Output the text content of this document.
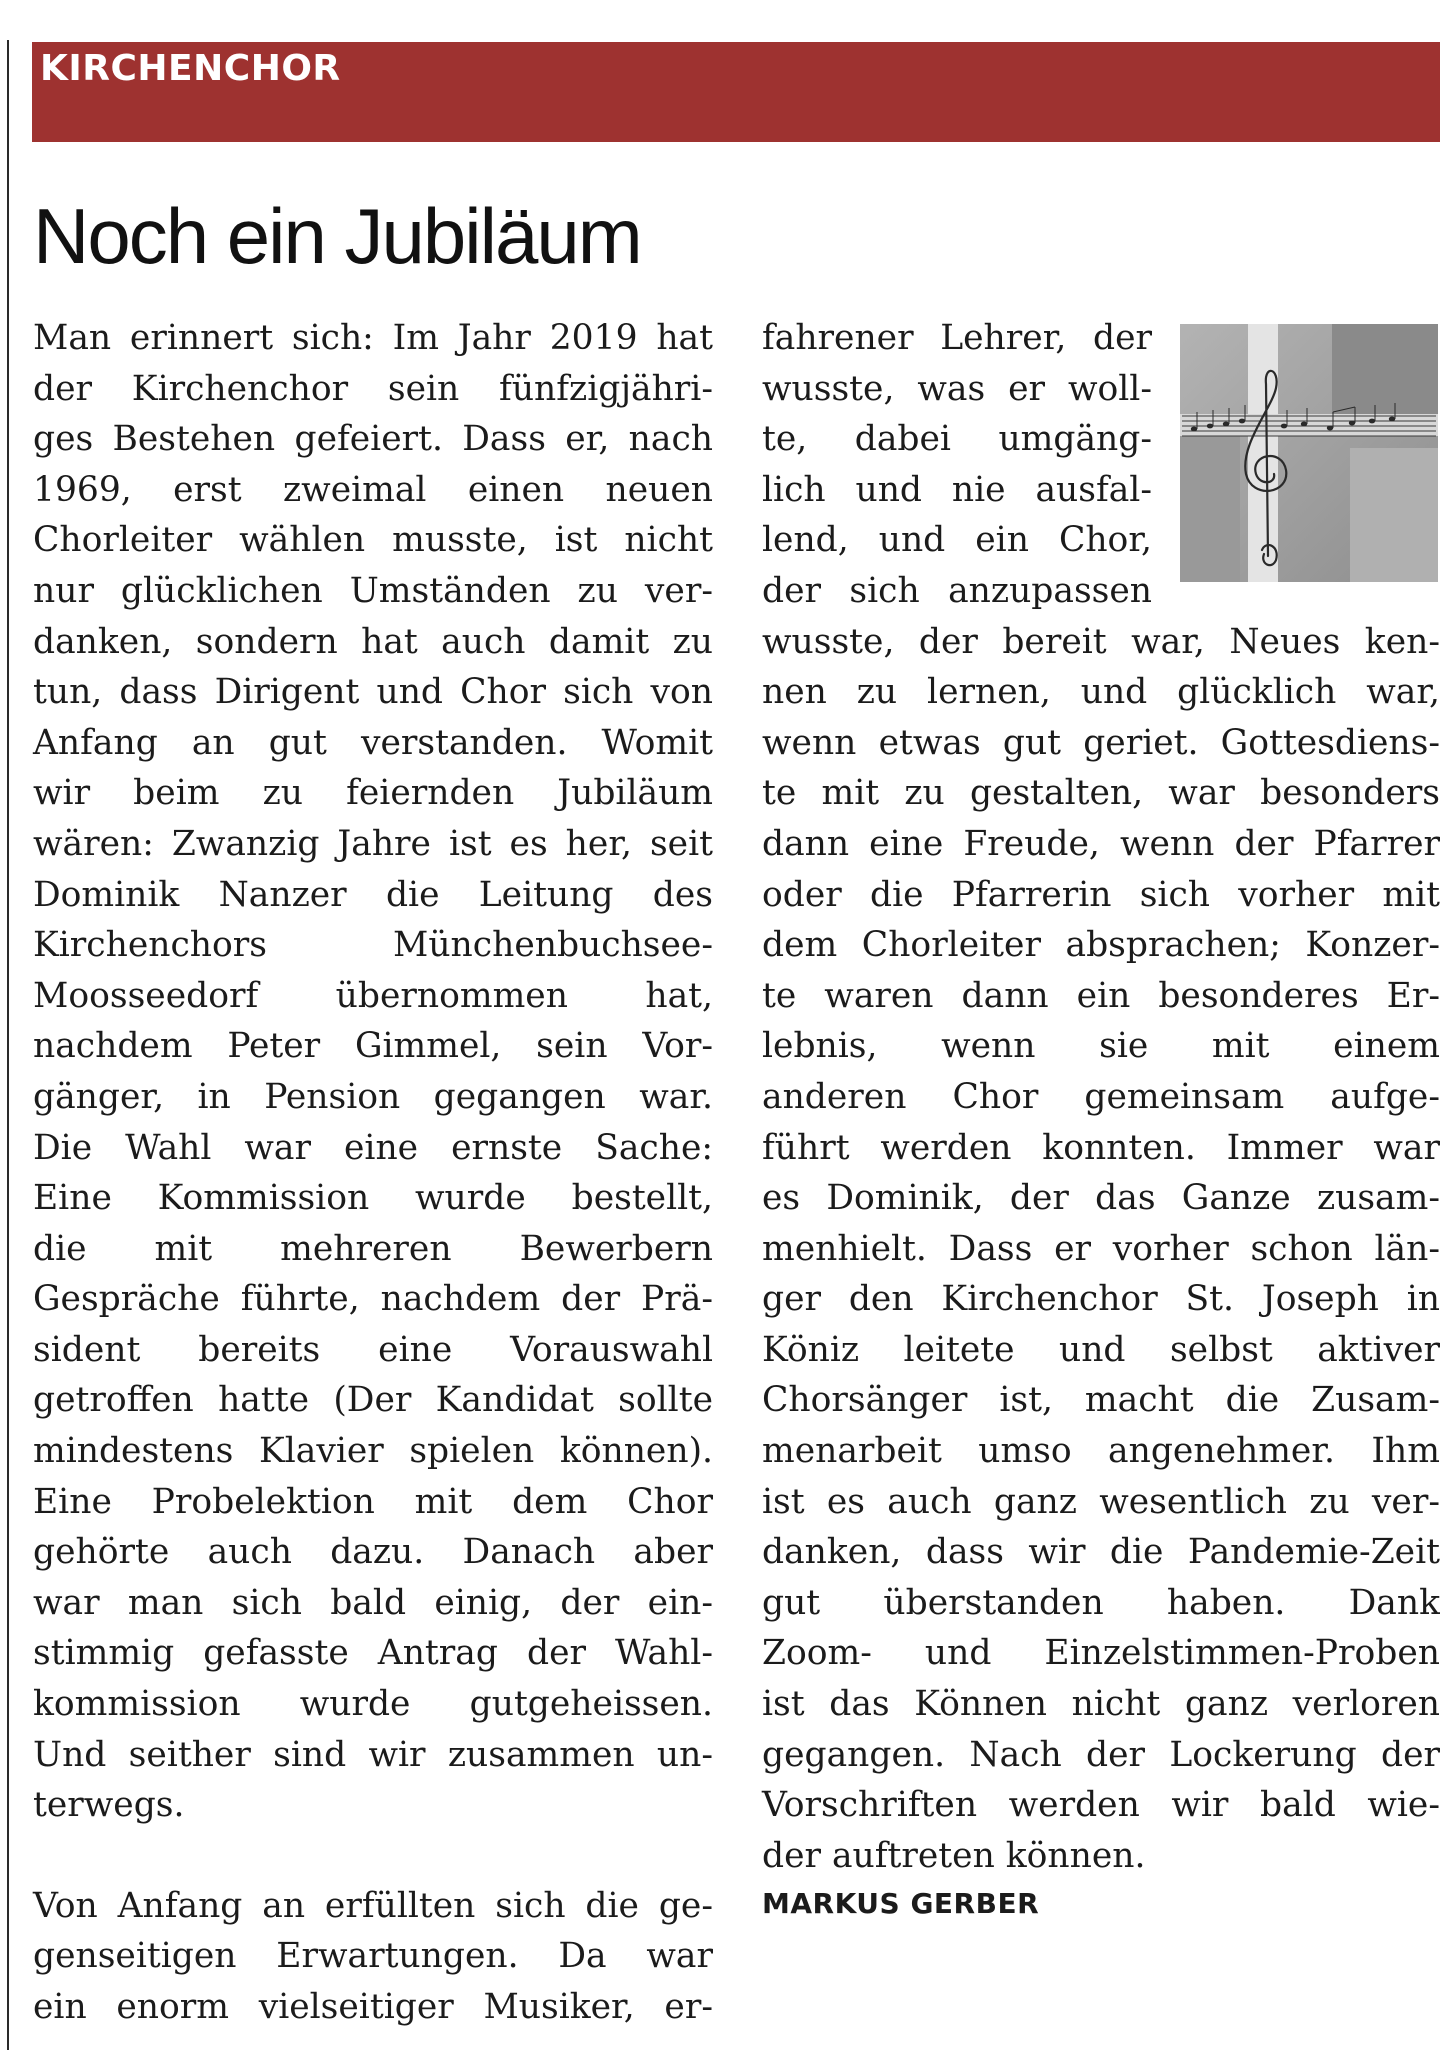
KIRCHENCHOR
Noch ein Jubiläum
Man erinnert sich: Im Jahr 2019 hat
der Kirchenchor sein fünfzigjähri-
ges Bestehen gefeiert. Dass er, nach
1969, erst zweimal einen neuen
Chorleiter wählen musste, ist nicht
nur glücklichen Umständen zu ver-
danken, sondern hat auch damit zu
tun, dass Dirigent und Chor sich von
Anfang an gut verstanden. Womit
wir beim zu feiernden Jubiläum
wären: Zwanzig Jahre ist es her, seit
Dominik Nanzer die Leitung des
Kirchenchors Münchenbuchsee-
Moosseedorf übernommen hat,
nachdem Peter Gimmel, sein Vor-
gänger, in Pension gegangen war.
Die Wahl war eine ernste Sache:
Eine Kommission wurde bestellt,
die mit mehreren Bewerbern
Gespräche führte, nachdem der Prä-
sident bereits eine Vorauswahl
getroffen hatte (Der Kandidat sollte
mindestens Klavier spielen können).
Eine Probelektion mit dem Chor
gehörte auch dazu. Danach aber
war man sich bald einig, der ein-
stimmig gefasste Antrag der Wahl-
kommission wurde gutgeheissen.
Und seither sind wir zusammen un-
terwegs.
Von Anfang an erfüllten sich die ge-
genseitigen Erwartungen. Da war
ein enorm vielseitiger Musiker, er-
fahrener Lehrer, der
wusste, was er woll-
te, dabei umgäng-
lich und nie ausfal-
lend, und ein Chor,
der sich anzupassen
wusste, der bereit war, Neues ken-
nen zu lernen, und glücklich war,
wenn etwas gut geriet. Gottesdiens-
te mit zu gestalten, war besonders
dann eine Freude, wenn der Pfarrer
oder die Pfarrerin sich vorher mit
dem Chorleiter absprachen; Konzer-
te waren dann ein besonderes Er-
lebnis, wenn sie mit einem
anderen Chor gemeinsam aufge-
führt werden konnten. Immer war
es Dominik, der das Ganze zusam-
menhielt. Dass er vorher schon län-
ger den Kirchenchor St. Joseph in
Köniz leitete und selbst aktiver
Chorsänger ist, macht die Zusam-
menarbeit umso angenehmer. Ihm
ist es auch ganz wesentlich zu ver-
danken, dass wir die Pandemie-Zeit
gut überstanden haben. Dank
Zoom- und Einzelstimmen-Proben
ist das Können nicht ganz verloren
gegangen. Nach der Lockerung der
Vorschriften werden wir bald wie-
der auftreten können.
MARKUS GERBER
